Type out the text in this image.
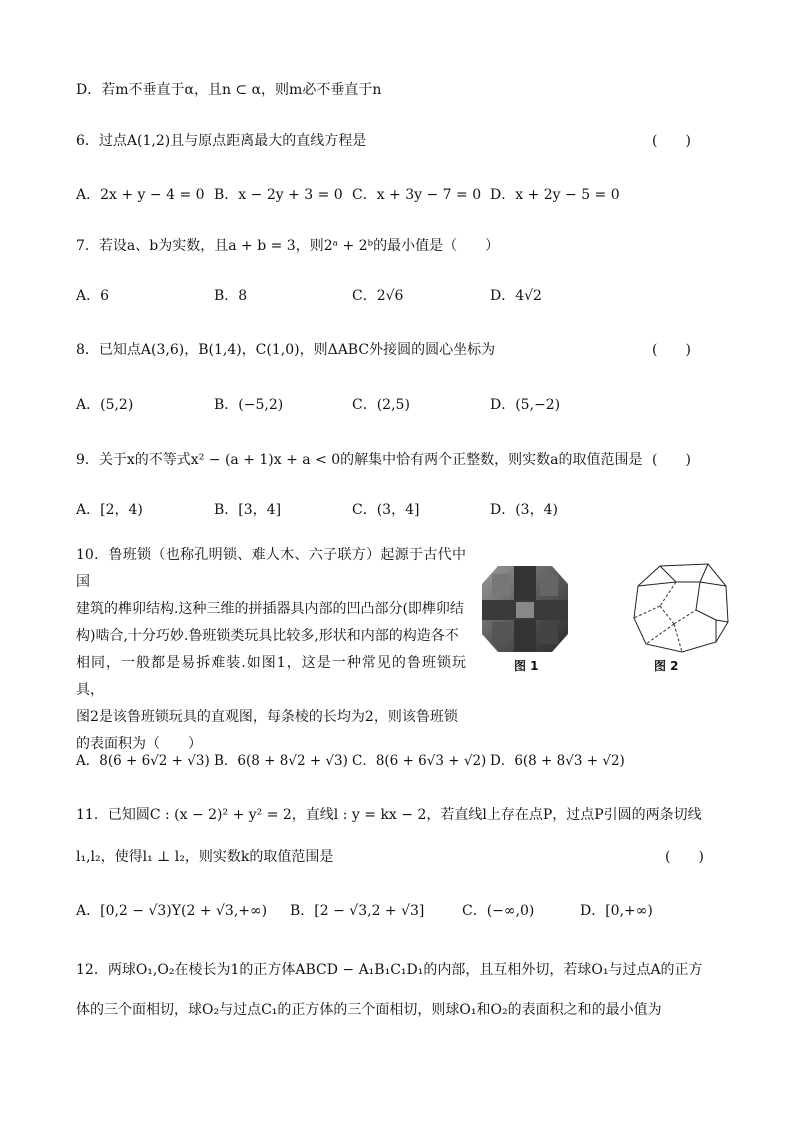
D．若m不垂直于α，且n ⊂ α，则m必不垂直于n
6．过点A(1,2)且与原点距离最大的直线方程是	(　　)
A．2x + y − 4 = 0 B．x − 2y + 3 = 0 C．x + 3y − 7 = 0 D．x + 2y − 5 = 0
7．若设a、b为实数，且a + b = 3，则2ᵃ + 2ᵇ的最小值是（　　）
A．6	B．8	C．2√6	D．4√2
8．已知点A(3,6)，B(1,4)，C(1,0)，则ΔABC外接圆的圆心坐标为	(　　)
A．(5,2)	B．(−5,2)	C．(2,5)	D．(5,−2)
9．关于x的不等式x² − (a + 1)x + a < 0的解集中恰有两个正整数，则实数a的取值范围是 (　　)
A．[2，4)	B．[3，4]	C．(3，4]	D．(3，4)
10．鲁班锁（也称孔明锁、难人木、六子联方）起源于古代中国
建筑的榫卯结构.这种三维的拼插器具内部的凹凸部分(即榫卯结
构)啮合,十分巧妙.鲁班锁类玩具比较多,形状和内部的构造各不
相同，一般都是易拆难装.如图1，这是一种常见的鲁班锁玩具，
图2是该鲁班锁玩具的直观图，每条棱的长均为2，则该鲁班锁
的表面积为（　　）
图 1	图 2
A．8(6 + 6√2 + √3) B．6(8 + 8√2 + √3) C．8(6 + 6√3 + √2) D．6(8 + 8√3 + √2)
11．已知圆C : (x − 2)² + y² = 2，直线l : y = kx − 2，若直线l上存在点P，过点P引圆的两条切线
l₁,l₂，使得l₁ ⊥ l₂，则实数k的取值范围是	(　　)
A．[0,2 − √3)Y(2 + √3,+∞) B．[2 − √3,2 + √3]	C．(−∞,0)	D．[0,+∞)
12．两球O₁,O₂在棱长为1的正方体ABCD − A₁B₁C₁D₁的内部，且互相外切，若球O₁与过点A的正方
体的三个面相切，球O₂与过点C₁的正方体的三个面相切，则球O₁和O₂的表面积之和的最小值为
